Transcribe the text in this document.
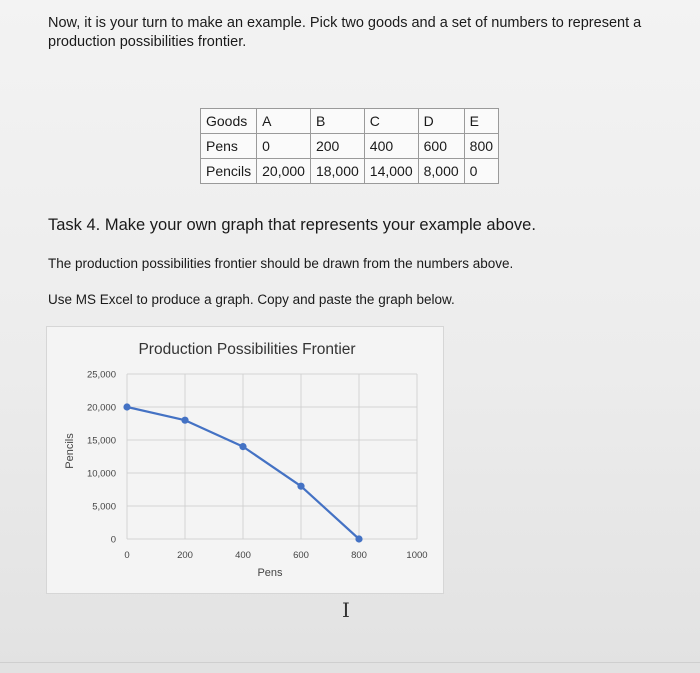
Now, it is your turn to make an example. Pick two goods and a set of numbers to represent a production possibilities frontier.
Goods	A	B	C	D	E
Pens	0	200	400	600	800
Pencils	20,000	18,000	14,000	8,000	0
Task 4. Make your own graph that represents your example above.
The production possibilities frontier should be drawn from the numbers above.
Use MS Excel to produce a graph. Copy and paste the graph below.
Production Possibilities Frontier
0	200	400	600	800	1000
0
5,000
10,000
15,000
20,000
25,000
Pens
Pencils
I
